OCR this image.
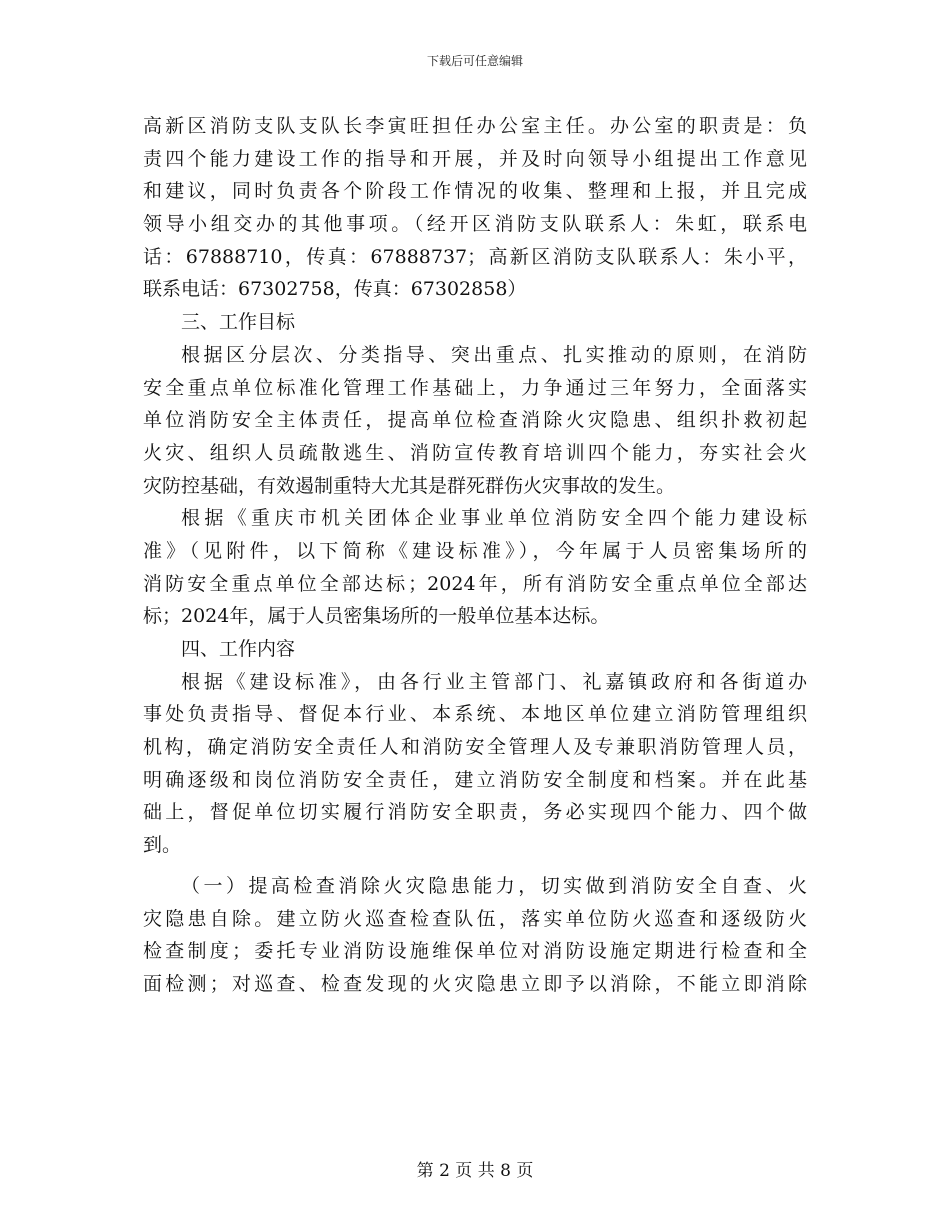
下载后可任意编辑
高新区消防支队支队长李寅旺担任办公室主任。办公室的职责是：负
责四个能力建设工作的指导和开展，并及时向领导小组提出工作意见
和建议，同时负责各个阶段工作情况的收集、整理和上报，并且完成
领导小组交办的其他事项。（经开区消防支队联系人：朱虹，联系电
话：67888710，传真：67888737；高新区消防支队联系人：朱小平，
联系电话：67302758，传真：67302858）
三、工作目标
根据区分层次、分类指导、突出重点、扎实推动的原则，在消防
安全重点单位标准化管理工作基础上，力争通过三年努力，全面落实
单位消防安全主体责任，提高单位检查消除火灾隐患、组织扑救初起
火灾、组织人员疏散逃生、消防宣传教育培训四个能力，夯实社会火
灾防控基础，有效遏制重特大尤其是群死群伤火灾事故的发生。
根据《重庆市机关团体企业事业单位消防安全四个能力建设标
准》（见附件，以下简称《建设标准》），今年属于人员密集场所的
消防安全重点单位全部达标；2024年，所有消防安全重点单位全部达
标；2024年，属于人员密集场所的一般单位基本达标。
四、工作内容
根据《建设标准》，由各行业主管部门、礼嘉镇政府和各街道办
事处负责指导、督促本行业、本系统、本地区单位建立消防管理组织
机构，确定消防安全责任人和消防安全管理人及专兼职消防管理人员，
明确逐级和岗位消防安全责任，建立消防安全制度和档案。并在此基
础上，督促单位切实履行消防安全职责，务必实现四个能力、四个做
到。
（一）提高检查消除火灾隐患能力，切实做到消防安全自查、火
灾隐患自除。建立防火巡查检查队伍，落实单位防火巡查和逐级防火
检查制度；委托专业消防设施维保单位对消防设施定期进行检查和全
面检测；对巡查、检查发现的火灾隐患立即予以消除，不能立即消除
第 2 页 共 8 页
